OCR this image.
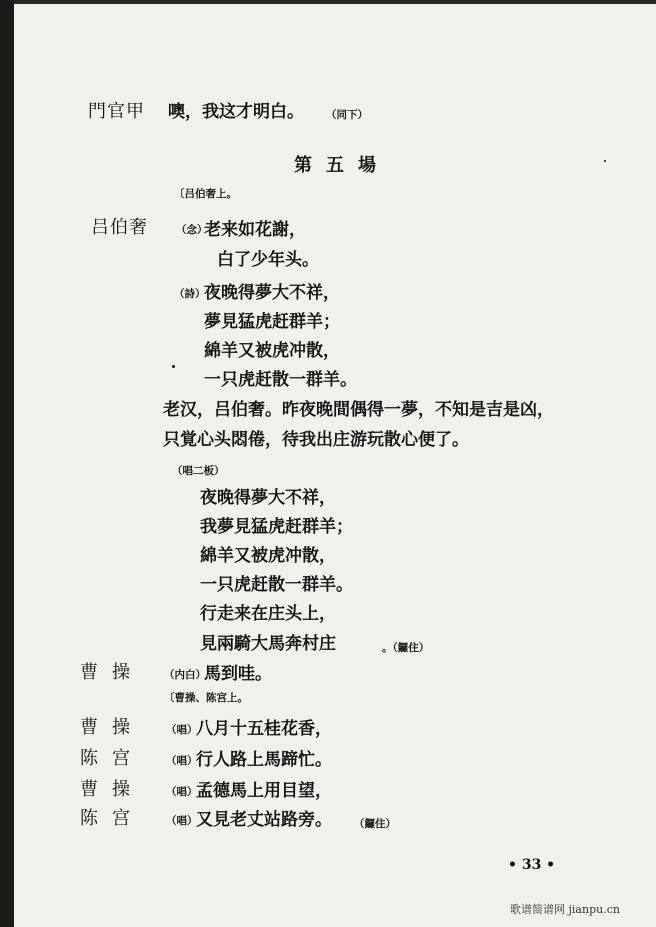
門官甲 噢，我这才明白。 （同下）
第五場
〔吕伯奢上。
吕伯奢	（念）
老来如花謝，
白了少年头。
（詩）
夜晚得夢大不祥，
夢見猛虎赶群羊；
綿羊又被虎冲散，
一只虎赶散一群羊。
老汉，吕伯奢。昨夜晚間偶得一夢，不知是吉是凶，
只覚心头悶倦，待我出庄游玩散心便了。
（唱二板）
夜晚得夢大不祥，
我夢見猛虎赶群羊；
綿羊又被虎冲散，
一只虎赶散一群羊。
行走来在庄头上，
見兩騎大馬奔村庄	。（鑼住）
曹操 （内白）
馬到哇。
〔曹操、陈宫上。
曹操 （唱）
八月十五桂花香，
陈宫 （唱）
行人路上馬蹄忙。
曹操 （唱）
孟德馬上用目望，
陈宫 （唱）
又見老丈站路旁。 （鑼住）
• 33 •
歌谱简谱网 jianpu.cn
